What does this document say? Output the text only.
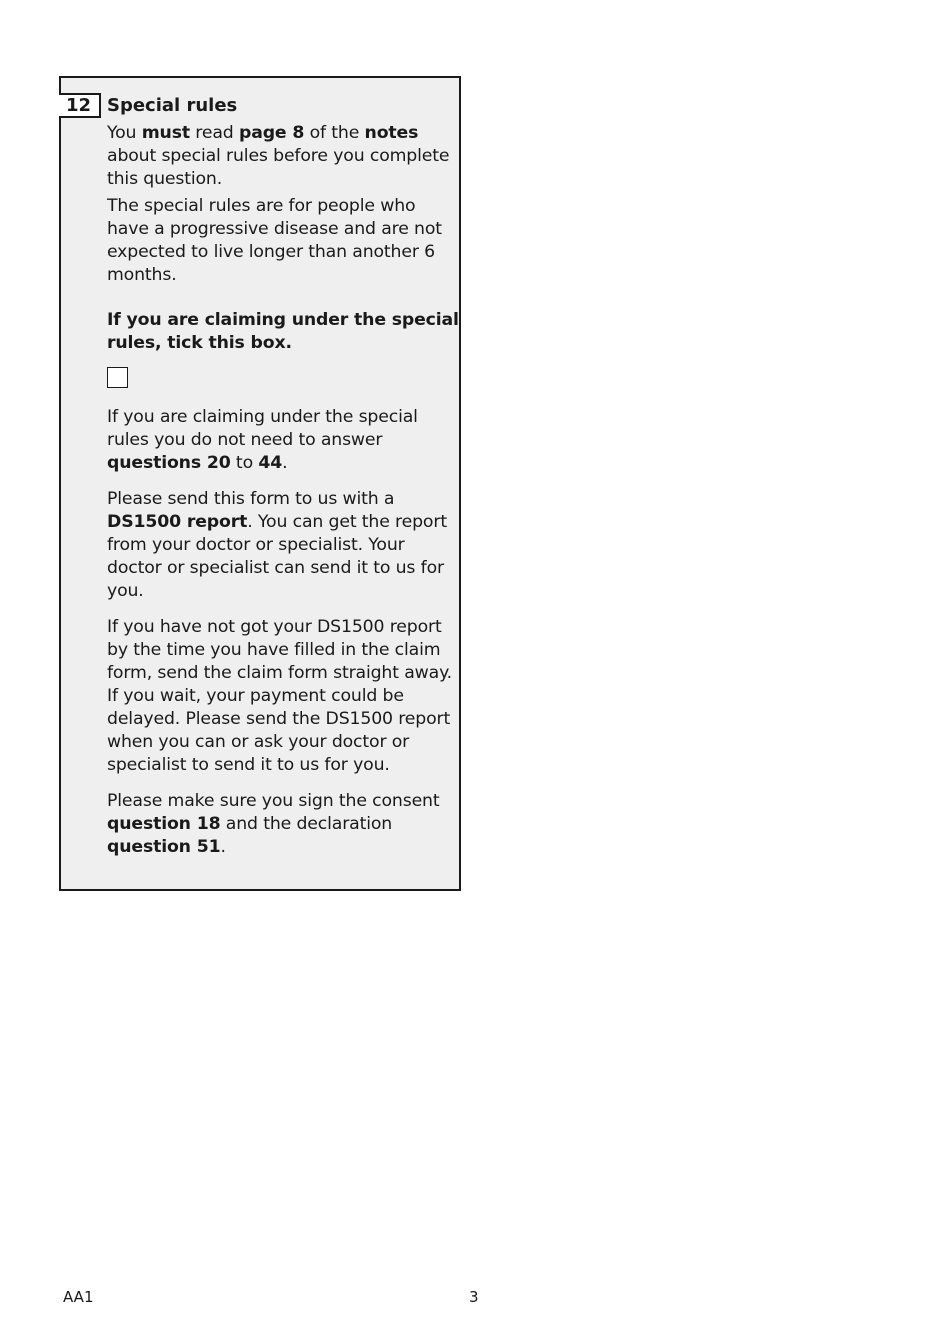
12 Special rules

You must read page 8 of the notes about special rules before you complete this question.

The special rules are for people who have a progressive disease and are not expected to live longer than another 6 months.

If you are claiming under the special rules, tick this box.

If you are claiming under the special rules you do not need to answer questions 20 to 44.

Please send this form to us with a DS1500 report. You can get the report from your doctor or specialist. Your doctor or specialist can send it to us for you.

If you have not got your DS1500 report by the time you have filled in the claim form, send the claim form straight away. If you wait, your payment could be delayed. Please send the DS1500 report when you can or ask your doctor or specialist to send it to us for you.

Please make sure you sign the consent question 18 and the declaration question 51.

AA1	3
